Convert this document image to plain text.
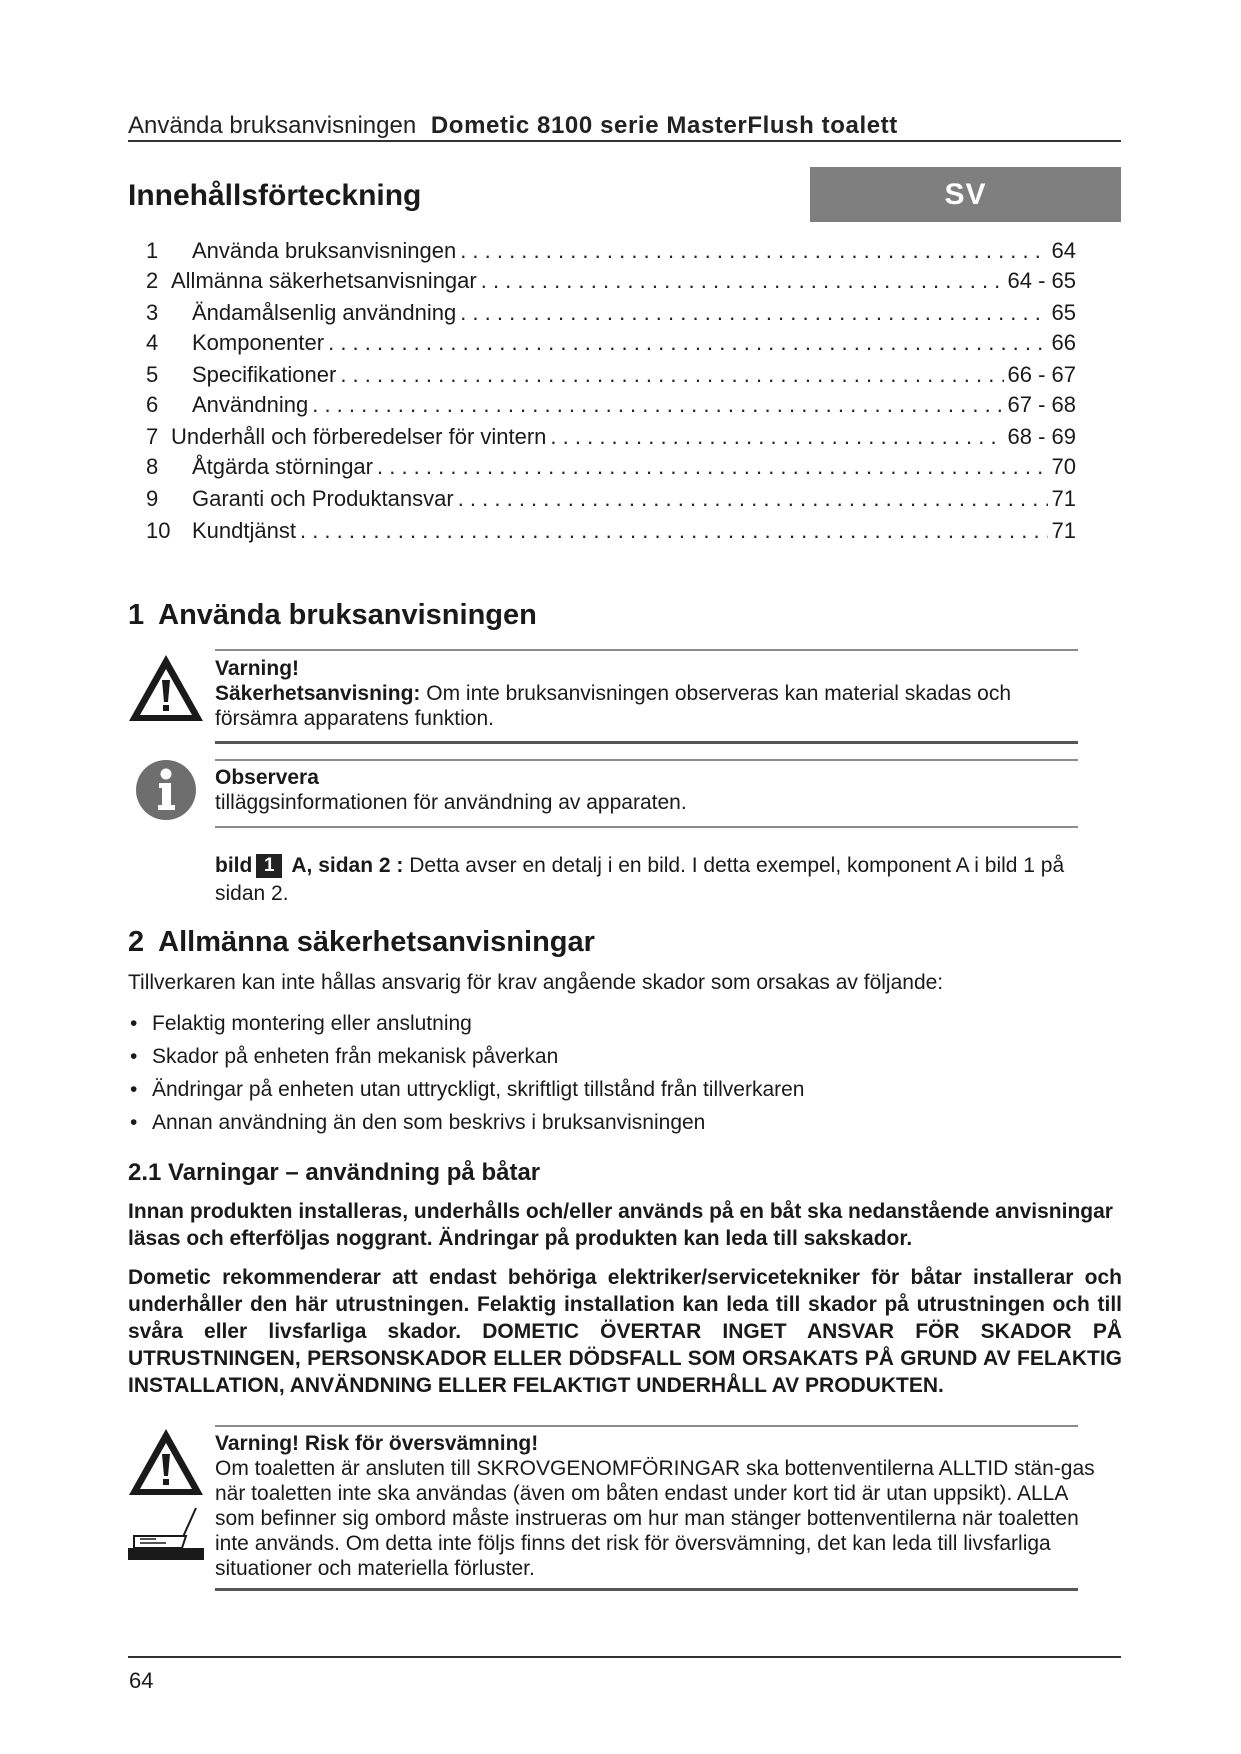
Använda bruksanvisningen Dometic 8100 serie MasterFlush toalett
Innehållsförteckning	SV
1	Använda bruksanvisningen . . .	64
2 Allmänna säkerhetsanvisningar . . .	64 - 65
3	Ändamålsenlig användning . . .	65
4	Komponenter . . .	66
5	Specifikationer . . .	66 - 67
6	Användning . . .	67 - 68
7 Underhåll och förberedelser för vintern . . .	68 - 69
8	Åtgärda störningar . . .	70
9	Garanti och Produktansvar . . .	71
10 Kundtjänst . . .	71
1 Använda bruksanvisningen
Varning!
Säkerhetsanvisning: Om inte bruksanvisningen observeras kan material skadas och försämra apparatens funktion.
Observera
tilläggsinformationen för användning av apparaten.
bild 1 A, sidan 2 : Detta avser en detalj i en bild. I detta exempel, komponent A i bild 1 på sidan 2.
2 Allmänna säkerhetsanvisningar
Tillverkaren kan inte hållas ansvarig för krav angående skador som orsakas av följande:
• Felaktig montering eller anslutning
• Skador på enheten från mekanisk påverkan
• Ändringar på enheten utan uttryckligt, skriftligt tillstånd från tillverkaren
• Annan användning än den som beskrivs i bruksanvisningen
2.1 Varningar – användning på båtar
Innan produkten installeras, underhålls och/eller används på en båt ska nedanstående anvisningar läsas och efterföljas noggrant. Ändringar på produkten kan leda till sakskador.
Dometic rekommenderar att endast behöriga elektriker/servicetekniker för båtar installerar och underhåller den här utrustningen. Felaktig installation kan leda till skador på utrustningen och till svåra eller livsfarliga skador. DOMETIC ÖVERTAR INGET ANSVAR FÖR SKADOR PÅ UTRUSTNINGEN, PERSONSKADOR ELLER DÖDSFALL SOM ORSAKATS PÅ GRUND AV FELAKTIG INSTALLATION, ANVÄNDNING ELLER FELAKTIGT UNDERHÅLL AV PRODUKTEN.
Varning! Risk för översvämning!
Om toaletten är ansluten till SKROVGENOMFÖRINGAR ska bottenventilerna ALLTID stän-gas när toaletten inte ska användas (även om båten endast under kort tid är utan uppsikt). ALLA som befinner sig ombord måste instrueras om hur man stänger bottenventilerna när toaletten inte används. Om detta inte följs finns det risk för översvämning, det kan leda till livsfarliga situationer och materiella förluster.
64
